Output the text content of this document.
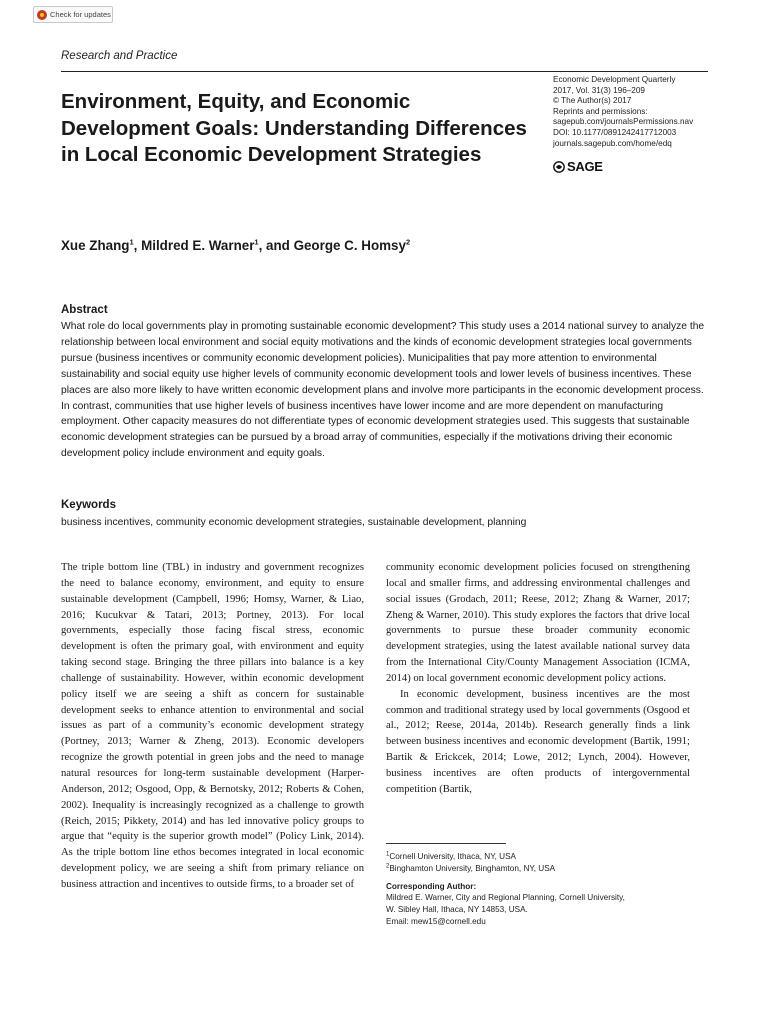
Check for updates
Research and Practice
Environment, Equity, and Economic Development Goals: Understanding Differences in Local Economic Development Strategies
Economic Development Quarterly
2017, Vol. 31(3) 196–209
© The Author(s) 2017
Reprints and permissions:
sagepub.com/journalsPermissions.nav
DOI: 10.1177/0891242417712003
journals.sagepub.com/home/edq
SAGE
Xue Zhang$^1$, Mildred E. Warner$^1$, and George C. Homsy$^2$
Abstract

What role do local governments play in promoting sustainable economic development? This study uses a 2014 national survey to analyze the relationship between local environment and social equity motivations and the kinds of economic development strategies local governments pursue (business incentives or community economic development policies). Municipalities that pay more attention to environmental sustainability and social equity use higher levels of community economic development tools and lower levels of business incentives. These places are also more likely to have written economic development plans and involve more participants in the economic development process. In contrast, communities that use higher levels of business incentives have lower income and are more dependent on manufacturing employment. Other capacity measures do not differentiate types of economic development strategies used. This suggests that sustainable economic development strategies can be pursued by a broad array of communities, especially if the motivations driving their economic development policy include environment and equity goals.

Keywords

business incentives, community economic development strategies, sustainable development, planning

The triple bottom line (TBL) in industry and government recognizes the need to balance economy, environment, and equity to ensure sustainable development (Campbell, 1996; Homsy, Warner, & Liao, 2016; Kucukvar & Tatari, 2013; Portney, 2013). For local governments, especially those facing fiscal stress, economic development is often the primary goal, with environment and equity taking second stage. Bringing the three pillars into balance is a key challenge of sustainability. However, within economic development policy itself we are seeing a shift as concern for sustainable development seeks to enhance attention to environmental and social issues as part of a community’s economic development strategy (Portney, 2013; Warner & Zheng, 2013). Economic developers recognize the growth potential in green jobs and the need to manage natural resources for long-term sustainable development (Harper-Anderson, 2012; Osgood, Opp, & Bernotsky, 2012; Roberts & Cohen, 2002). Inequality is increasingly recognized as a challenge to growth (Reich, 2015; Pikkety, 2014) and has led innovative policy groups to argue that “equity is the superior growth model” (Policy Link, 2014). As the triple bottom line ethos becomes integrated in local economic development policy, we are seeing a shift from primary reliance on business attraction and incentives to outside firms, to a broader set of

community economic development policies focused on strengthening local and smaller firms, and addressing environmental challenges and social issues (Grodach, 2011; Reese, 2012; Zhang & Warner, 2017; Zheng & Warner, 2010). This study explores the factors that drive local governments to pursue these broader community economic development strategies, using the latest available national survey data from the International City/County Management Association (ICMA, 2014) on local government economic development policy actions.

In economic development, business incentives are the most common and traditional strategy used by local governments (Osgood et al., 2012; Reese, 2014a, 2014b). Research generally finds a link between business incentives and economic development (Bartik, 1991; Bartik & Erickcek, 2014; Lowe, 2012; Lynch, 2004). However, business incentives are often products of intergovernmental competition (Bartik,

$^1$Cornell University, Ithaca, NY, USA
$^2$Binghamton University, Binghamton, NY, USA
Corresponding Author:
Mildred E. Warner, City and Regional Planning, Cornell University,
W. Sibley Hall, Ithaca, NY 14853, USA.
Email: mew15@cornell.edu
